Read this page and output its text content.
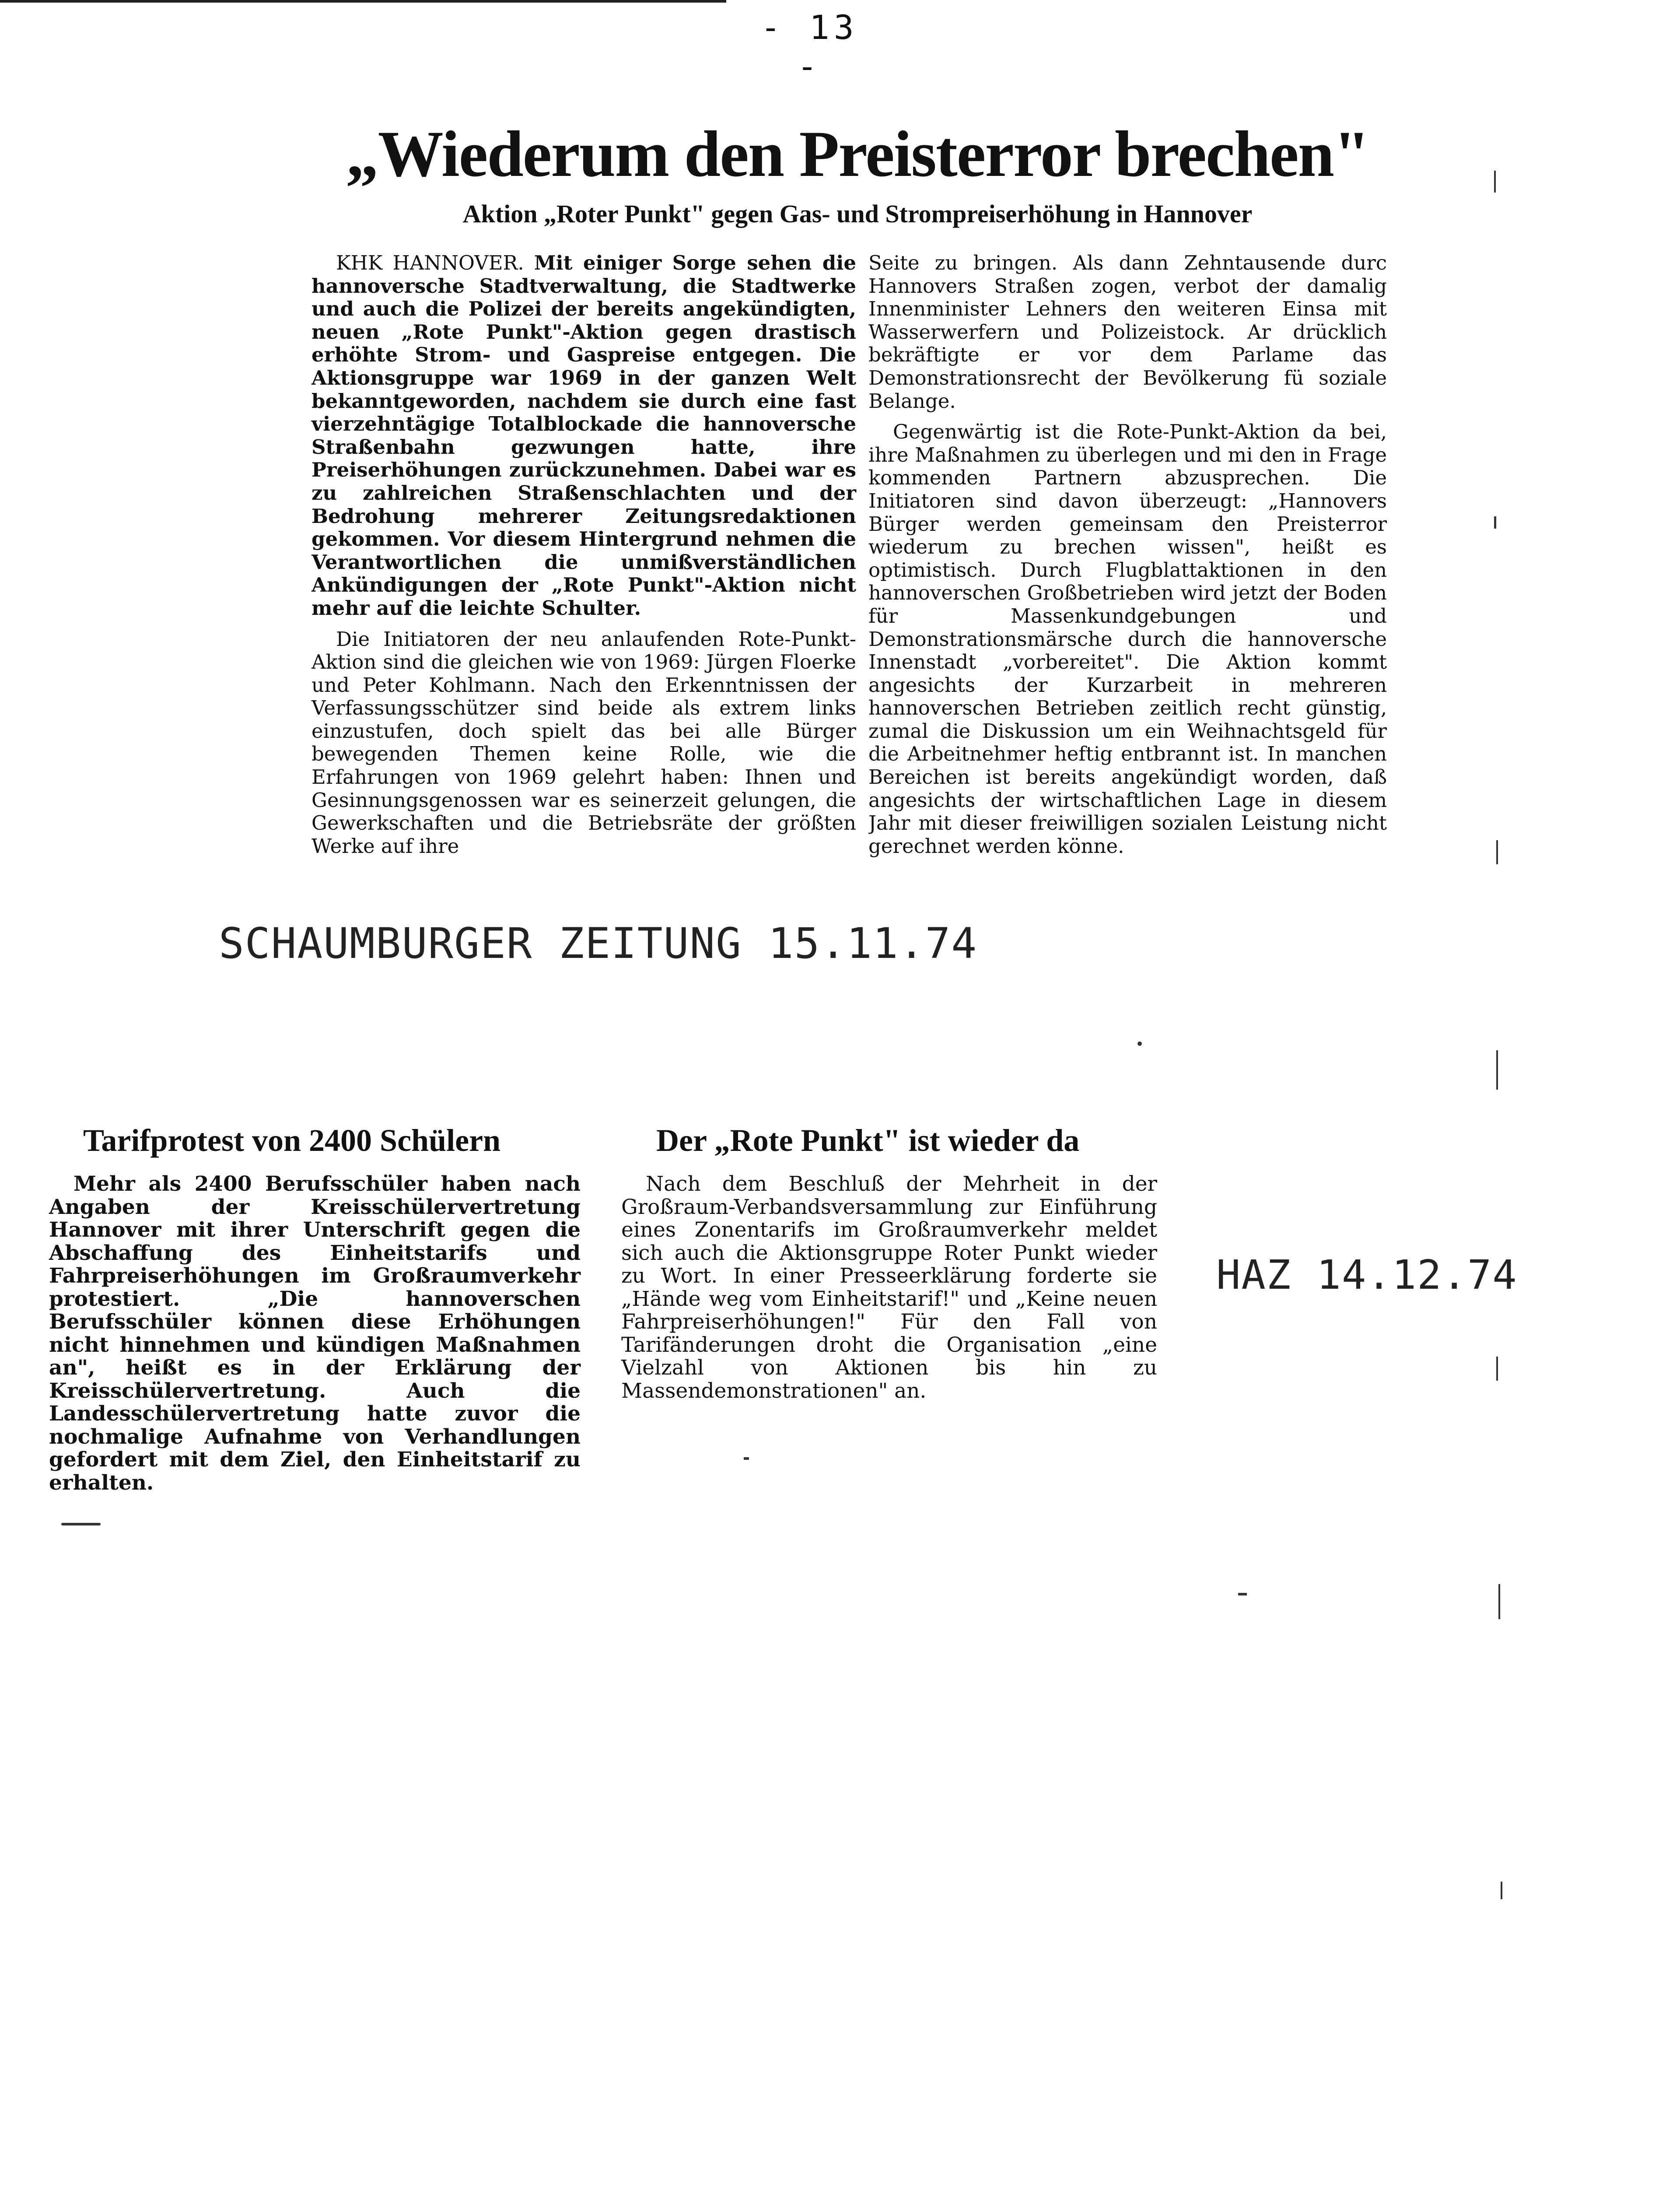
- 13 -
„Wiederum den Preisterror brechen"
Aktion „Roter Punkt" gegen Gas- und Strompreiserhöhung in Hannover

KHK HANNOVER. Mit einiger Sorge sehen die hannoversche Stadtverwaltung, die Stadtwerke und auch die Polizei der bereits angekündigten, neuen „Rote Punkt"-Aktion gegen drastisch erhöhte Strom- und Gaspreise entgegen. Die Aktionsgruppe war 1969 in der ganzen Welt bekanntgeworden, nachdem sie durch eine fast vierzehntägige Totalblockade die hannoversche Straßenbahn gezwungen hatte, ihre Preiserhöhungen zurückzunehmen. Dabei war es zu zahlreichen Straßenschlachten und der Bedrohung mehrerer Zeitungsredaktionen gekommen. Vor diesem Hintergrund nehmen die Verantwortlichen die unmißverständlichen Ankündigungen der „Rote Punkt"-Aktion nicht mehr auf die leichte Schulter.

Die Initiatoren der neu anlaufenden Rote-Punkt-Aktion sind die gleichen wie von 1969: Jürgen Floerke und Peter Kohlmann. Nach den Erkenntnissen der Verfassungsschützer sind beide als extrem links einzustufen, doch spielt das bei alle Bürger bewegenden Themen keine Rolle, wie die Erfahrungen von 1969 gelehrt haben: Ihnen und Gesinnungsgenossen war es seinerzeit gelungen, die Gewerkschaften und die Betriebsräte der größten Werke auf ihre

Seite zu bringen. Als dann Zehntausende durc Hannovers Straßen zogen, verbot der damalig Innenminister Lehners den weiteren Einsa mit Wasserwerfern und Polizeistock. Ar drücklich bekräftigte er vor dem Parlame das Demonstrationsrecht der Bevölkerung fü soziale Belange.

Gegenwärtig ist die Rote-Punkt-Aktion da bei, ihre Maßnahmen zu überlegen und mi den in Frage kommenden Partnern abzusprechen. Die Initiatoren sind davon überzeugt: „Hannovers Bürger werden gemeinsam den Preisterror wiederum zu brechen wissen", heißt es optimistisch. Durch Flugblattaktionen in den hannoverschen Großbetrieben wird jetzt der Boden für Massenkundgebungen und Demonstrationsmärsche durch die hannoversche Innenstadt „vorbereitet". Die Aktion kommt angesichts der Kurzarbeit in mehreren hannoverschen Betrieben zeitlich recht günstig, zumal die Diskussion um ein Weihnachtsgeld für die Arbeitnehmer heftig entbrannt ist. In manchen Bereichen ist bereits angekündigt worden, daß angesichts der wirtschaftlichen Lage in diesem Jahr mit dieser freiwilligen sozialen Leistung nicht gerechnet werden könne.

SCHAUMBURGER ZEITUNG 15.11.74
Tarifprotest von 2400 Schülern

Mehr als 2400 Berufsschüler haben nach Angaben der Kreisschülervertretung Hannover mit ihrer Unterschrift gegen die Abschaffung des Einheitstarifs und Fahrpreiserhöhungen im Großraumverkehr protestiert. „Die hannoverschen Berufsschüler können diese Erhöhungen nicht hinnehmen und kündigen Maßnahmen an", heißt es in der Erklärung der Kreisschülervertretung. Auch die Landesschülervertretung hatte zuvor die nochmalige Aufnahme von Verhandlungen gefordert mit dem Ziel, den Einheitstarif zu erhalten.

Der „Rote Punkt" ist wieder da

Nach dem Beschluß der Mehrheit in der Großraum-Verbandsversammlung zur Einführung eines Zonentarifs im Großraumverkehr meldet sich auch die Aktionsgruppe Roter Punkt wieder zu Wort. In einer Presseerklärung forderte sie „Hände weg vom Einheitstarif!" und „Keine neuen Fahrpreiserhöhungen!" Für den Fall von Tarifänderungen droht die Organisation „eine Vielzahl von Aktionen bis hin zu Massendemonstrationen" an.

HAZ 14.12.74
